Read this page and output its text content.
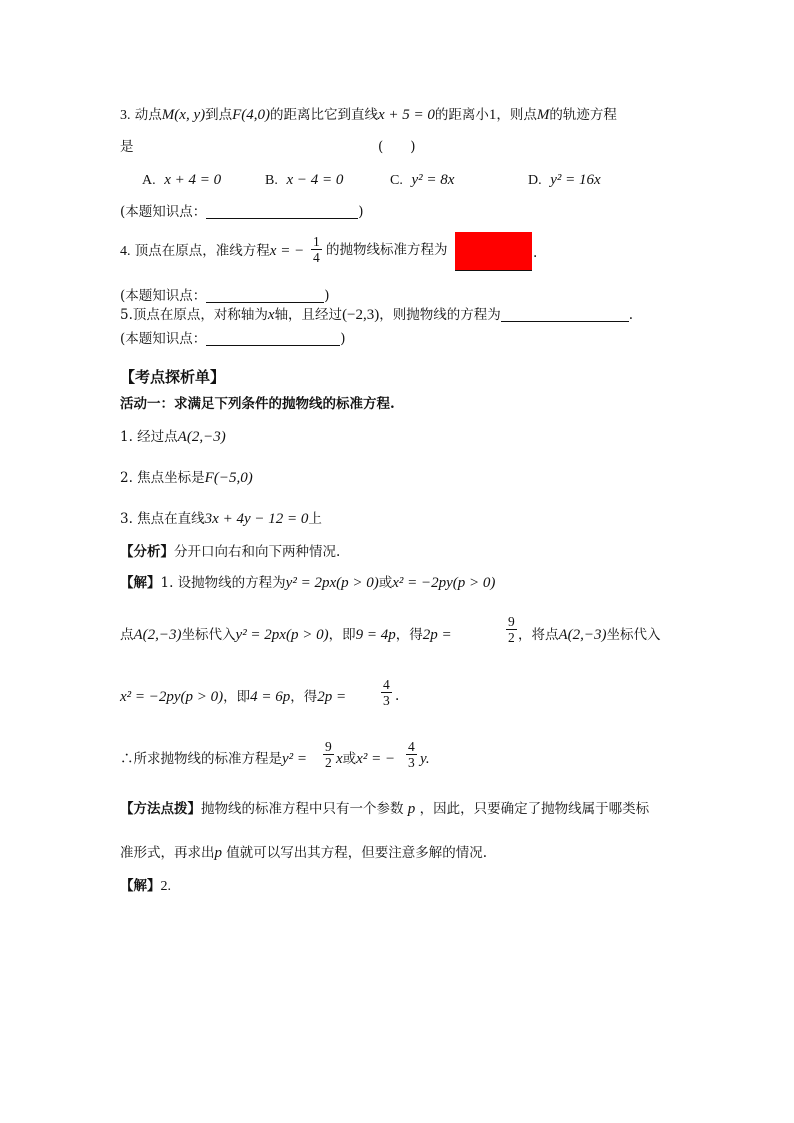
3. 动点M(x, y)到点F(4,0)的距离比它到直线x + 5 = 0的距离小1，则点M的轨迹方程
是	(　　)
A. x + 4 = 0	B. x − 4 = 0	C. y² = 8x	D. y² = 16x
(本题知识点：	)
4. 顶点在原点，准线方程x = − $\frac{1}{4}$ 的抛物线标准方程为	.
(本题知识点：	)
5.顶点在原点，对称轴为x轴，且经过(−2,3)，则抛物线的方程为	.
(本题知识点：	)
【考点探析单】
活动一：求满足下列条件的抛物线的标准方程.
1. 经过点A(2,−3)
2. 焦点坐标是F(−5,0)
3. 焦点在直线3x + 4y − 12 = 0上
【分析】分开口向右和向下两种情况.
【解】1. 设抛物线的方程为y² = 2px(p > 0)或x² = −2py(p > 0)
点A(2,−3)坐标代入y² = 2px(p > 0)，即9 = 4p，得2p =	$\frac{9}{2}$ ，将点A(2,−3)坐标代入
x² = −2py(p > 0)，即4 = 6p，得2p =	$\frac{4}{3}$ .
∴所求抛物线的标准方程是$y^2 = \frac{9}{2}$ x或x² = − $\frac{4}{3} y$.
【方法点拨】抛物线的标准方程中只有一个参数 p ，因此，只要确定了抛物线属于哪类标
准形式，再求出p 值就可以写出其方程，但要注意多解的情况.
【解】2.
